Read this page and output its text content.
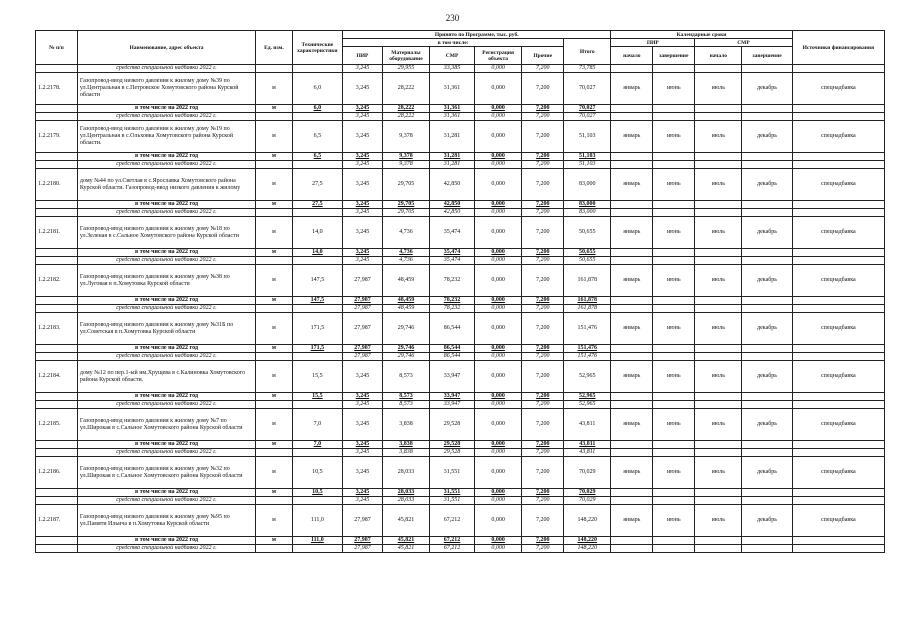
230
№ п/п	Наименование, адрес объекта	Ед. изм.	Технические характеристики	Принято по Программе, тыс. руб.						Календарные сроки				Источники финансирования
				в том числе:					Итого	ПИР		СМР		
				ПИР	Материалы оборудование	СМР	Регистрация объекта	Прочие		начало	завершение	начало	завершение	
	средства специальной надбавки 2022 г.			3,245	29,955	33,385	0,000	7,200	73,785					
1.2.2178.	Газопровод-ввод низкого давления к жилому дому №39 по ул.Центральная в с.Петровское Хомутовского района Курской области	м	6,0	3,245	28,222	31,361	0,000	7,200	70,027	январь	июнь	июль	декабрь	спецнадбавка
	в том числе на 2022 год	м	6,0	3,245	28,222	31,361	0,000	7,200	70,027					
	средства специальной надбавки 2022 г.			3,245	28,222	31,361	0,000	7,200	70,027					
1.2.2179.	Газопровод-ввод низкого давления к жилому дому №19 по ул.Центральная в с.Ольховка Хомутовского района Курской области.	м	6,5	3,245	9,378	31,281	0,000	7,200	51,103	январь	июнь	июль	декабрь	спецнадбавка
	в том числе на 2022 год	м	6,5	3,245	9,378	31,281	0,000	7,200	51,103					
	средства специальной надбавки 2022 г.			3,245	9,378	31,281	0,000	7,200	51,103					
1.2.2180.	дому №44 по ул.Светлая в с.Ярославка Хомутовского района Курской области. Газопровод-ввод низкого давления к жилому	м	27,5	3,245	29,705	42,850	0,000	7,200	83,000	январь	июнь	июль	декабрь	спецнадбавка
	в том числе на 2022 год	м	27,5	3,245	29,705	42,850	0,000	7,200	83,000					
	средства специальной надбавки 2022 г.			3,245	29,705	42,850	0,000	7,200	83,000					
1.2.2181.	Газопровод-ввод низкого давления к жилому дому №18 по ул.Зеленая в с.Сальное Хомутовского района Курской области	м	14,0	3,245	4,736	35,474	0,000	7,200	50,655	январь	июнь	июль	декабрь	спецнадбавка
	в том числе на 2022 год	м	14,0	3,245	4,736	35,474	0,000	7,200	50,655					
	средства специальной надбавки 2022 г.			3,245	4,736	35,474	0,000	7,200	50,655					
1.2.2182.	Газопровод-ввод низкого давления к жилому дому №38 по ул.Луговая в п.Хомутовка Курской области	м	147,5	27,987	48,459	78,232	0,000	7,200	161,878	январь	июнь	июль	декабрь	спецнадбавка
	в том числе на 2022 год	м	147,5	27,987	48,459	78,232	0,000	7,200	161,878					
	средства специальной надбавки 2022 г.			27,987	48,459	78,232	0,000	7,200	161,878					
1.2.2183.	Газопровод-ввод низкого давления к жилому дому №31Б по ул.Советская в п.Хомутовка Курской области	м	171,5	27,987	29,746	86,544	0,000	7,200	151,476	январь	июнь	июль	декабрь	спецнадбавка
	в том числе на 2022 год	м	171,5	27,987	29,746	86,544	0,000	7,200	151,476					
	средства специальной надбавки 2022 г.			27,987	29,746	86,544	0,000	7,200	151,476					
1.2.2184.	дому №12 по пер.1-ый им.Хрущева в с.Калиновка Хомутовского района Курской области.	м	15,5	3,245	8,573	33,947	0,000	7,200	52,965	январь	июнь	июль	декабрь	спецнадбавка
	в том числе на 2022 год	м	15,5	3,245	8,573	33,947	0,000	7,200	52,965					
	средства специальной надбавки 2022 г.			3,245	8,573	33,947	0,000	7,200	52,965					
1.2.2185.	Газопровод-ввод низкого давления к жилому дому №7 по ул.Широкая в с.Сальное Хомутовского района Курской области	м	7,0	3,245	3,838	29,528	0,000	7,200	43,811	январь	июнь	июль	декабрь	спецнадбавка
	в том числе на 2022 год	м	7,0	3,245	3,838	29,528	0,000	7,200	43,811					
	средства специальной надбавки 2022 г.			3,245	3,838	29,528	0,000	7,200	43,811					
1.2.2186.	Газопровод-ввод низкого давления к жилому дому №32 по ул.Широкая в с.Сальное Хомутовского района Курской области	м	10,5	3,245	28,033	31,551	0,000	7,200	70,029	январь	июнь	июль	декабрь	спецнадбавка
	в том числе на 2022 год	м	10,5	3,245	28,033	31,551	0,000	7,200	70,029					
	средства специальной надбавки 2022 г.			3,245	28,033	31,551	0,000	7,200	70,029					
1.2.2187.	Газопровод-ввод низкого давления к жилому дому №95 по ул.Памяти Ильича в п.Хомутовка Курской области	м	111,0	27,987	45,821	67,212	0,000	7,200	148,220	январь	июнь	июль	декабрь	спецнадбавка
	в том числе на 2022 год	м	111,0	27,987	45,821	67,212	0,000	7,200	148,220					
	средства специальной надбавки 2022 г.			27,987	45,821	67,212	0,000	7,200	148,220					
